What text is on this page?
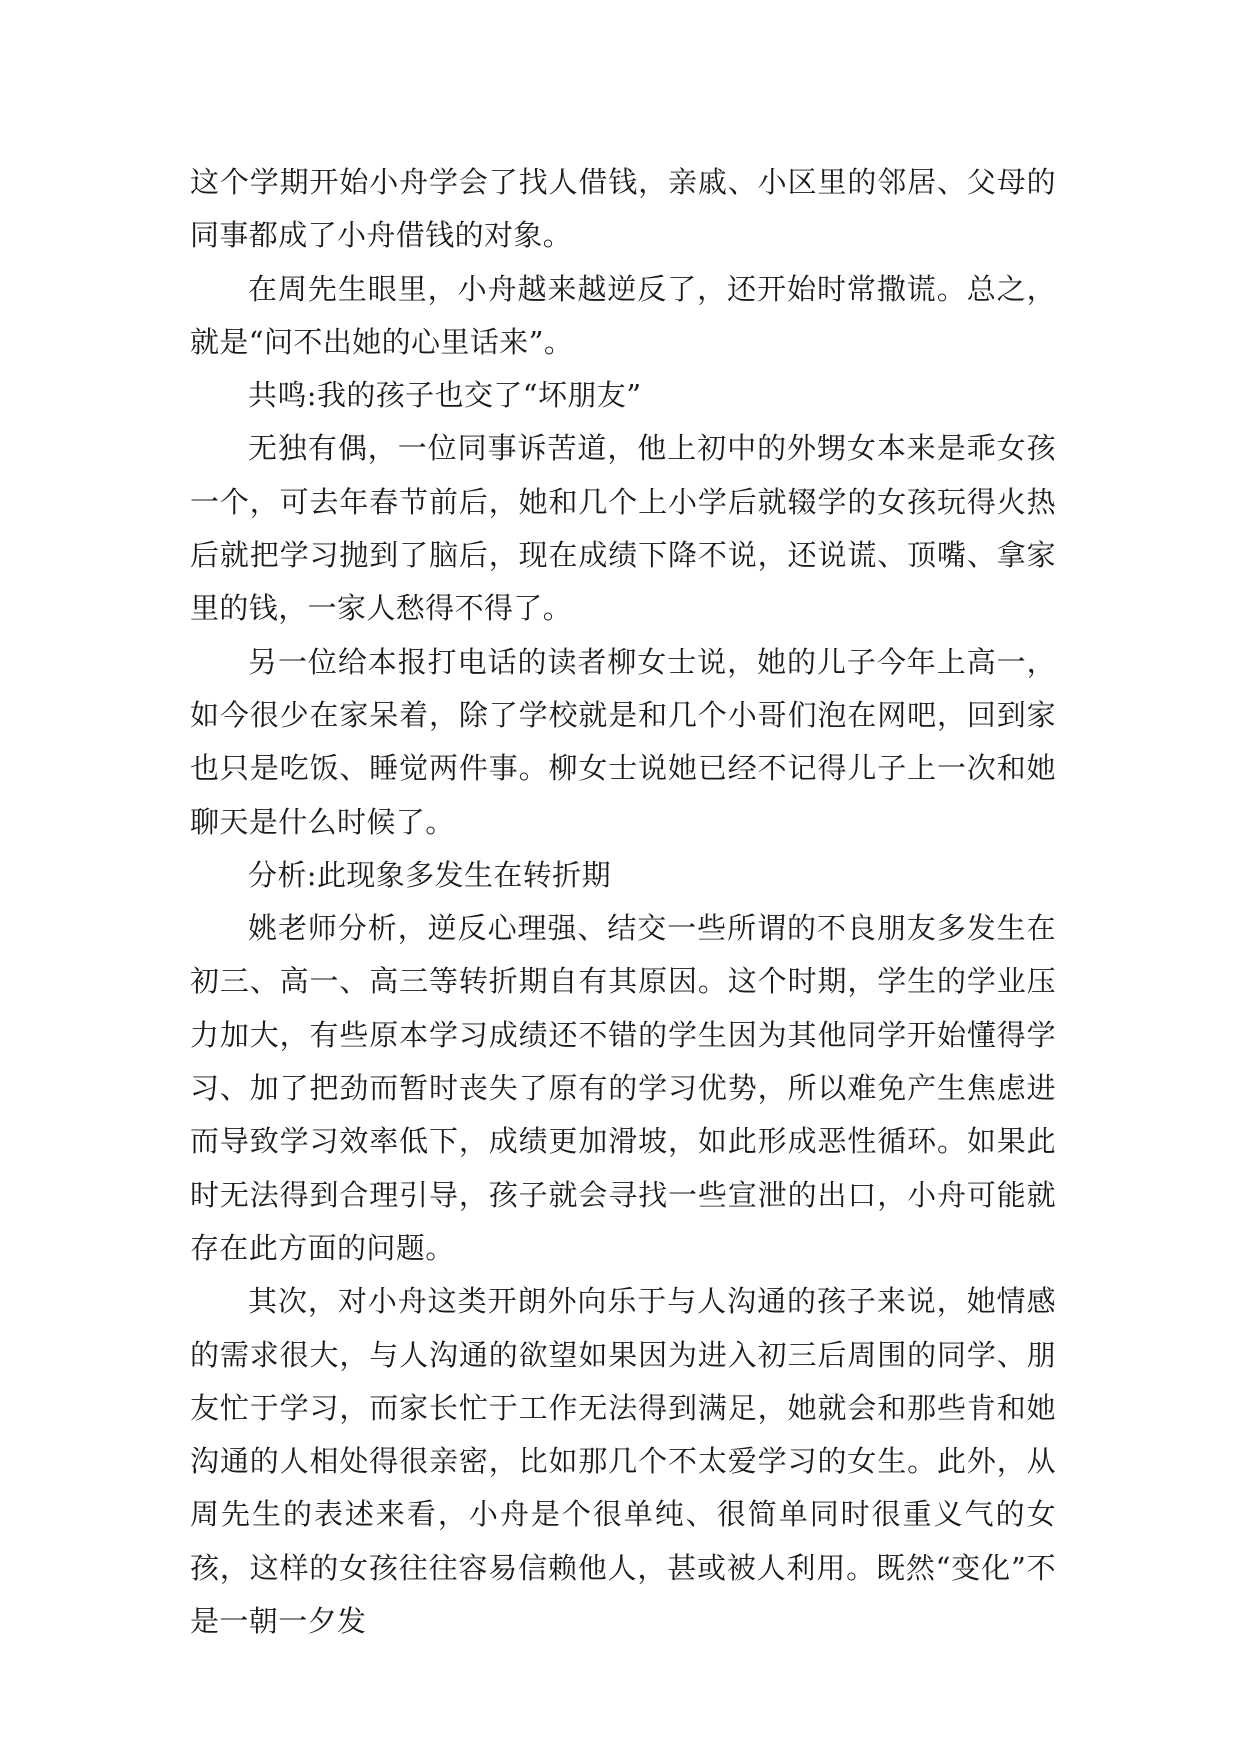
这个学期开始小舟学会了找人借钱，亲戚、小区里的邻居、父母的同事都成了小舟借钱的对象。

在周先生眼里，小舟越来越逆反了，还开始时常撒谎。总之，就是“问不出她的心里话来”。

共鸣:我的孩子也交了“坏朋友”

无独有偶，一位同事诉苦道，他上初中的外甥女本来是乖女孩一个，可去年春节前后，她和几个上小学后就辍学的女孩玩得火热后就把学习抛到了脑后，现在成绩下降不说，还说谎、顶嘴、拿家里的钱，一家人愁得不得了。

另一位给本报打电话的读者柳女士说，她的儿子今年上高一，如今很少在家呆着，除了学校就是和几个小哥们泡在网吧，回到家也只是吃饭、睡觉两件事。柳女士说她已经不记得儿子上一次和她聊天是什么时候了。

分析:此现象多发生在转折期

姚老师分析，逆反心理强、结交一些所谓的不良朋友多发生在初三、高一、高三等转折期自有其原因。这个时期，学生的学业压力加大，有些原本学习成绩还不错的学生因为其他同学开始懂得学习、加了把劲而暂时丧失了原有的学习优势，所以难免产生焦虑进而导致学习效率低下，成绩更加滑坡，如此形成恶性循环。如果此时无法得到合理引导，孩子就会寻找一些宣泄的出口，小舟可能就存在此方面的问题。

其次，对小舟这类开朗外向乐于与人沟通的孩子来说，她情感的需求很大，与人沟通的欲望如果因为进入初三后周围的同学、朋友忙于学习，而家长忙于工作无法得到满足，她就会和那些肯和她沟通的人相处得很亲密，比如那几个不太爱学习的女生。此外，从周先生的表述来看，小舟是个很单纯、很简单同时很重义气的女孩，这样的女孩往往容易信赖他人，甚或被人利用。既然“变化”不是一朝一夕发
